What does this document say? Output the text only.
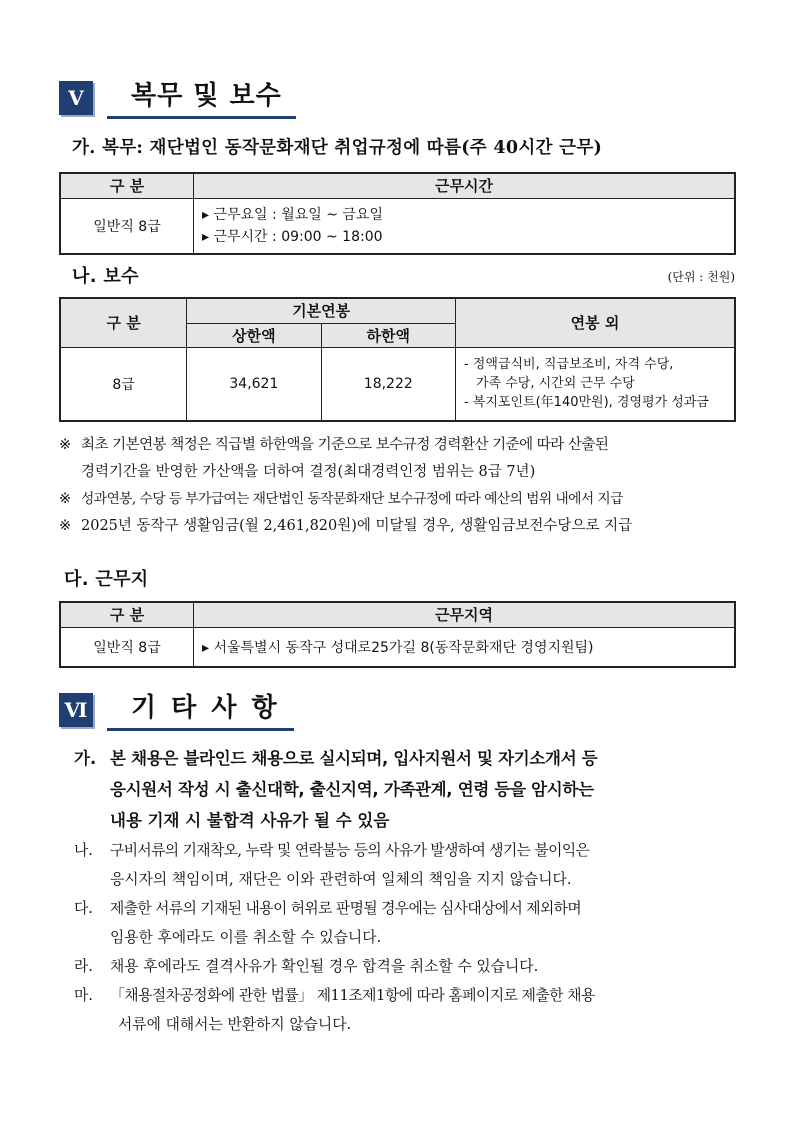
Ⅴ	복무 및 보수
가. 복무: 재단법인 동작문화재단 취업규정에 따름(주 40시간 근무)
구 분	근무시간
일반직 8급	▸ 근무요일 : 월요일 ~ 금요일
▸ 근무시간 : 09:00 ~ 18:00
나. 보수	(단위 : 천원)
구 분	기본연봉		연봉 외
	상한액	하한액	
8급	34,621	18,222	- 정액급식비, 직급보조비, 자격 수당,
가족 수당, 시간외 근무 수당
- 복지포인트(年140만원), 경영평가 성과금
※ 최초 기본연봉 책정은 직급별 하한액을 기준으로 보수규정 경력환산 기준에 따라 산출된
경력기간을 반영한 가산액을 더하여 결정(최대경력인정 범위는 8급 7년)
※ 성과연봉, 수당 등 부가급여는 재단법인 동작문화재단 보수규정에 따라 예산의 범위 내에서 지급
※ 2025년 동작구 생활임금(월 2,461,820원)에 미달될 경우, 생활임금보전수당으로 지급
다. 근무지
구 분	근무지역
일반직 8급	▸ 서울특별시 동작구 성대로25가길 8(동작문화재단 경영지원팀)
Ⅵ	기 타 사 항
가. 본 채용은 블라인드 채용으로 실시되며, 입사지원서 및 자기소개서 등
응시원서 작성 시 출신대학, 출신지역, 가족관계, 연령 등을 암시하는
내용 기재 시 불합격 사유가 될 수 있음
나.	구비서류의 기재착오, 누락 및 연락불능 등의 사유가 발생하여 생기는 불이익은
응시자의 책임이며, 재단은 이와 관련하여 일체의 책임을 지지 않습니다.
다.	제출한 서류의 기재된 내용이 허위로 판명될 경우에는 심사대상에서 제외하며
임용한 후에라도 이를 취소할 수 있습니다.
라.	채용 후에라도 결격사유가 확인될 경우 합격을 취소할 수 있습니다.
마.	「채용절차공정화에 관한 법률」 제11조제1항에 따라 홈페이지로 제출한 채용
서류에 대해서는 반환하지 않습니다.
